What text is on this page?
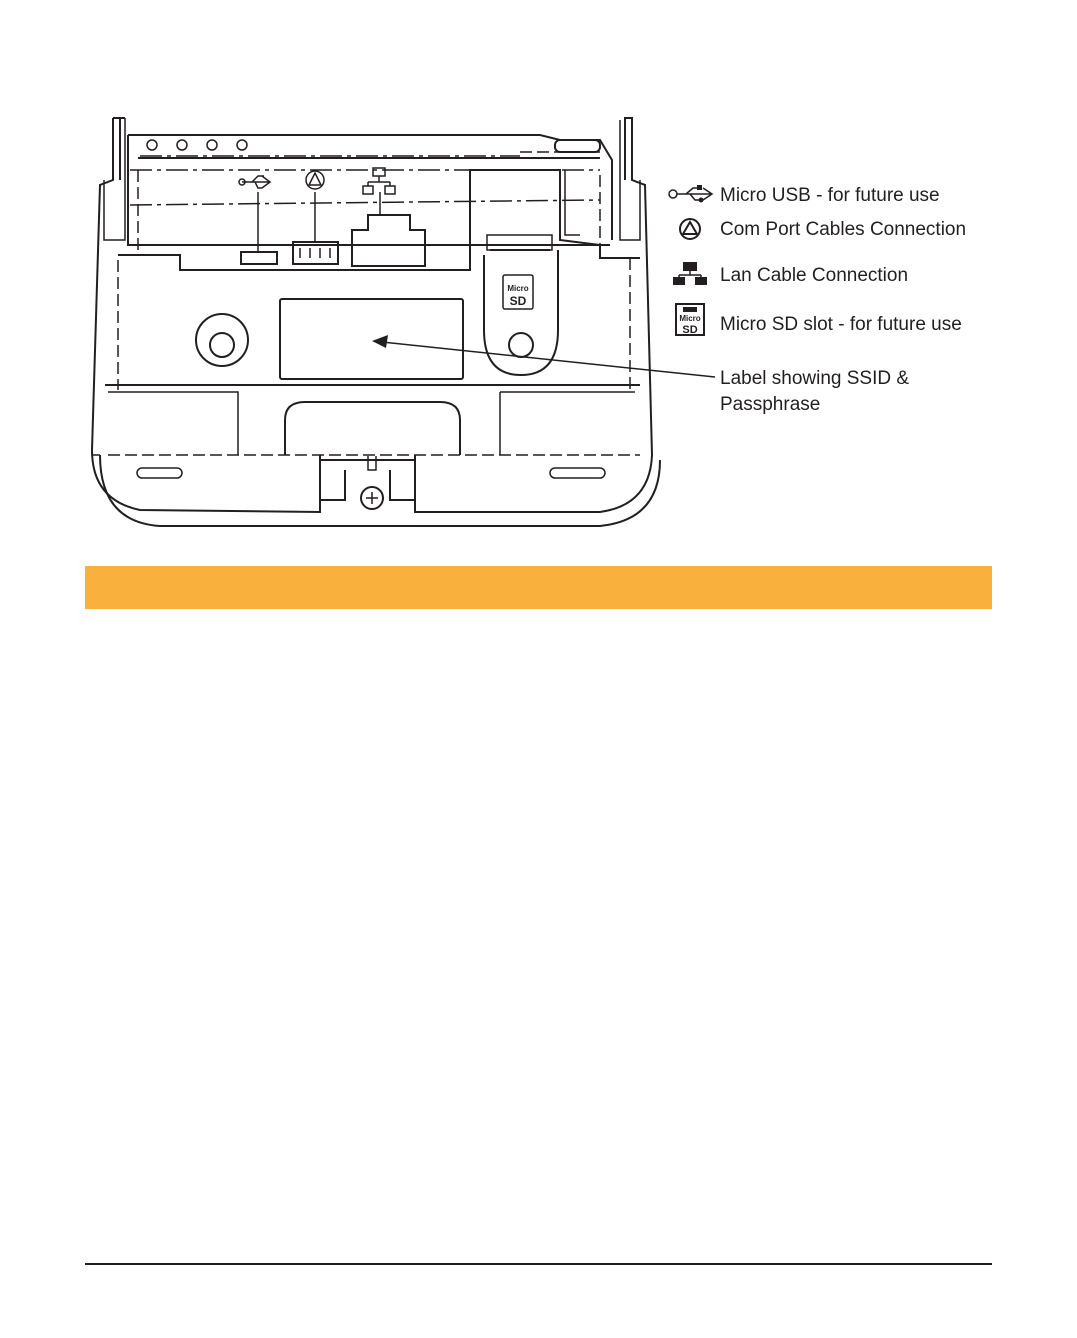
Micro
SD
Micro
SD
Micro USB - for future use
Com Port Cables Connection
Lan Cable Connection
Micro SD slot - for future use
Label showing SSID &
Passphrase
